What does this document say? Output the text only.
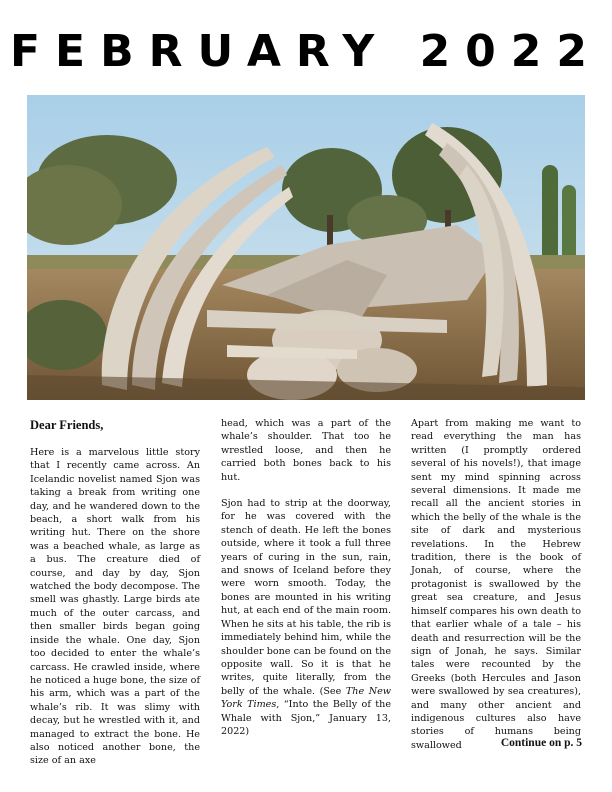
FEBRUARY 2022

Dear Friends,

Here is a marvelous little story that I recently came across. An Icelandic novelist named Sjon was taking a break from writing one day, and he wandered down to the beach, a short walk from his writing hut. There on the shore was a beached whale, as large as a bus. The creature died of course, and day by day, Sjon watched the body decompose. The smell was ghastly. Large birds ate much of the outer carcass, and then smaller birds began going inside the whale. One day, Sjon too decided to enter the whale’s carcass. He crawled inside, where he noticed a huge bone, the size of his arm, which was a part of the whale’s rib. It was slimy with decay, but he wrestled with it, and managed to extract the bone. He also noticed another bone, the size of an axe

head, which was a part of the whale’s shoulder. That too he wrestled loose, and then he carried both bones back to his hut.

Sjon had to strip at the doorway, for he was covered with the stench of death. He left the bones outside, where it took a full three years of curing in the sun, rain, and snows of Iceland before they were worn smooth. Today, the bones are mounted in his writing hut, at each end of the main room. When he sits at his table, the rib is immediately behind him, while the shoulder bone can be found on the opposite wall. So it is that he writes, quite literally, from the belly of the whale. (See The New York Times, “Into the Belly of the Whale with Sjon,” January 13, 2022)

Apart from making me want to read everything the man has written (I promptly ordered several of his novels!), that image sent my mind spinning across several dimensions. It made me recall all the ancient stories in which the belly of the whale is the site of dark and mysterious revelations. In the Hebrew tradition, there is the book of Jonah, of course, where the protagonist is swallowed by the great sea creature, and Jesus himself compares his own death to that earlier whale of a tale – his death and resurrection will be the sign of Jonah, he says. Similar tales were recounted by the Greeks (both Hercules and Jason were swallowed by sea creatures), and many other ancient and indigenous cultures also have stories of humans being swallowed	Continue on p. 5
